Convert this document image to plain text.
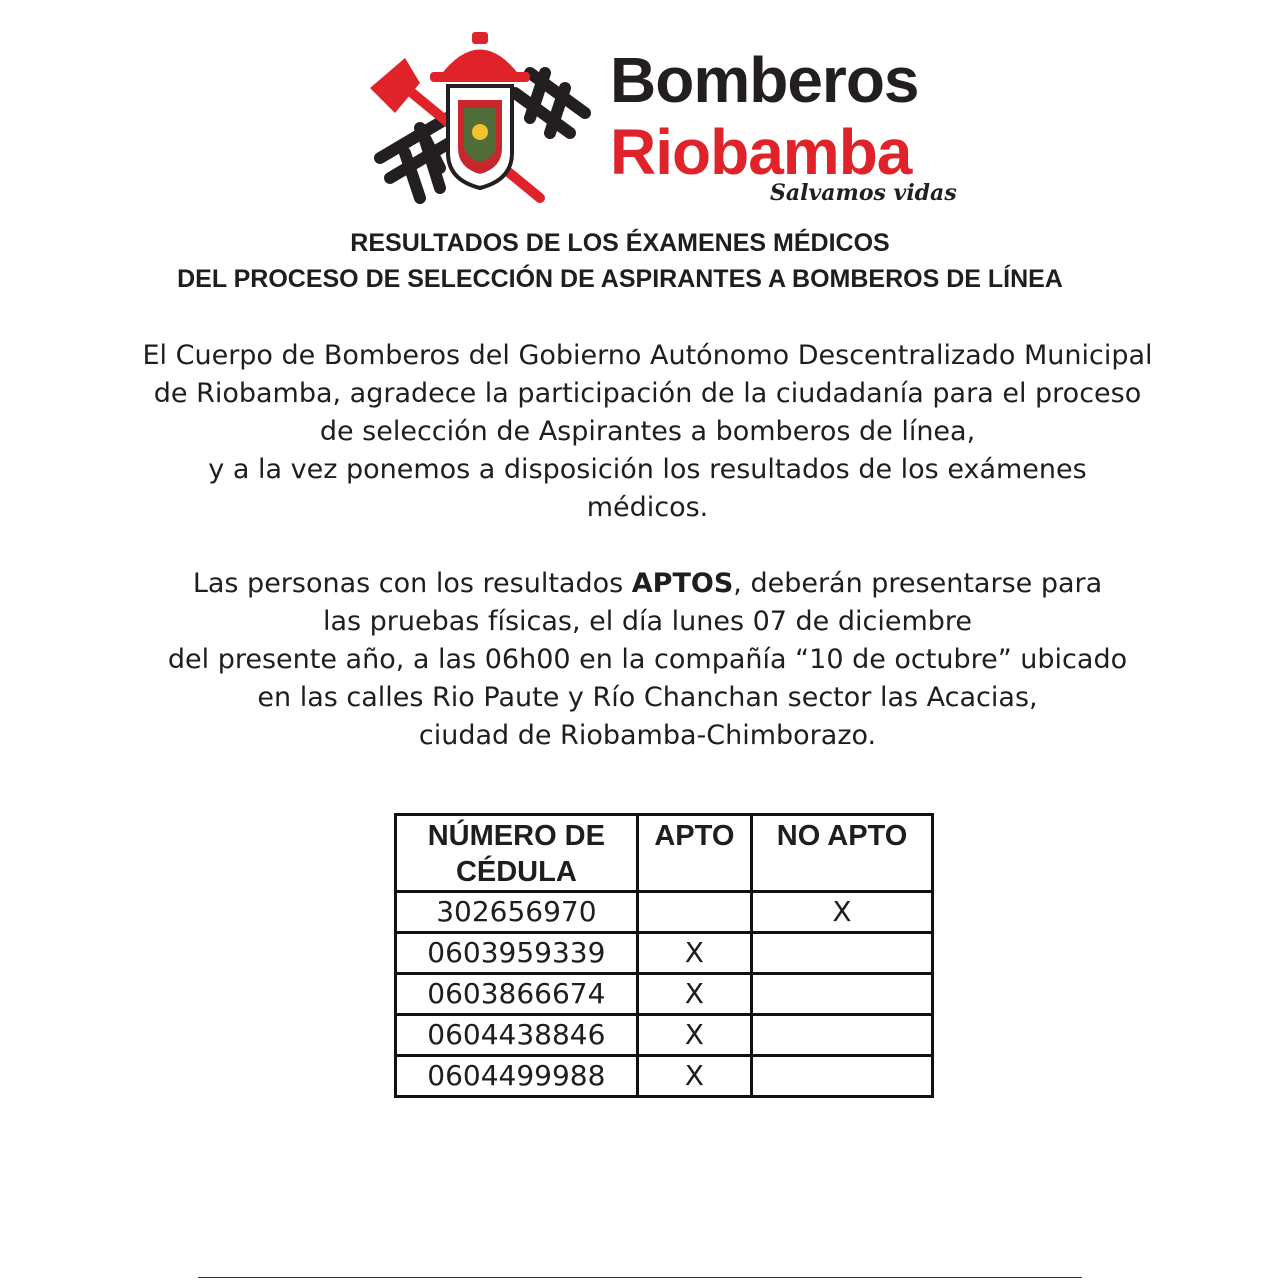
Bomberos
Riobamba
Salvamos vidas
RESULTADOS DE LOS ÉXAMENES MÉDICOS
DEL PROCESO DE SELECCIÓN DE ASPIRANTES A BOMBEROS DE LÍNEA
El Cuerpo de Bomberos del Gobierno Autónomo Descentralizado Municipal
de Riobamba, agradece la participación de la ciudadanía para el proceso
de selección de Aspirantes a bomberos de línea,
y a la vez ponemos a disposición los resultados de los exámenes
médicos.
Las personas con los resultados APTOS, deberán presentarse para
las pruebas físicas, el día lunes 07 de diciembre
del presente año, a las 06h00 en la compañía “10 de octubre” ubicado
en las calles Rio Paute y Río Chanchan sector las Acacias,
ciudad de Riobamba-Chimborazo.
NÚMERO DE
CÉDULA	APTO	NO APTO
302656970		X
0603959339	X	
0603866674	X	
0604438846	X	
0604499988	X	
